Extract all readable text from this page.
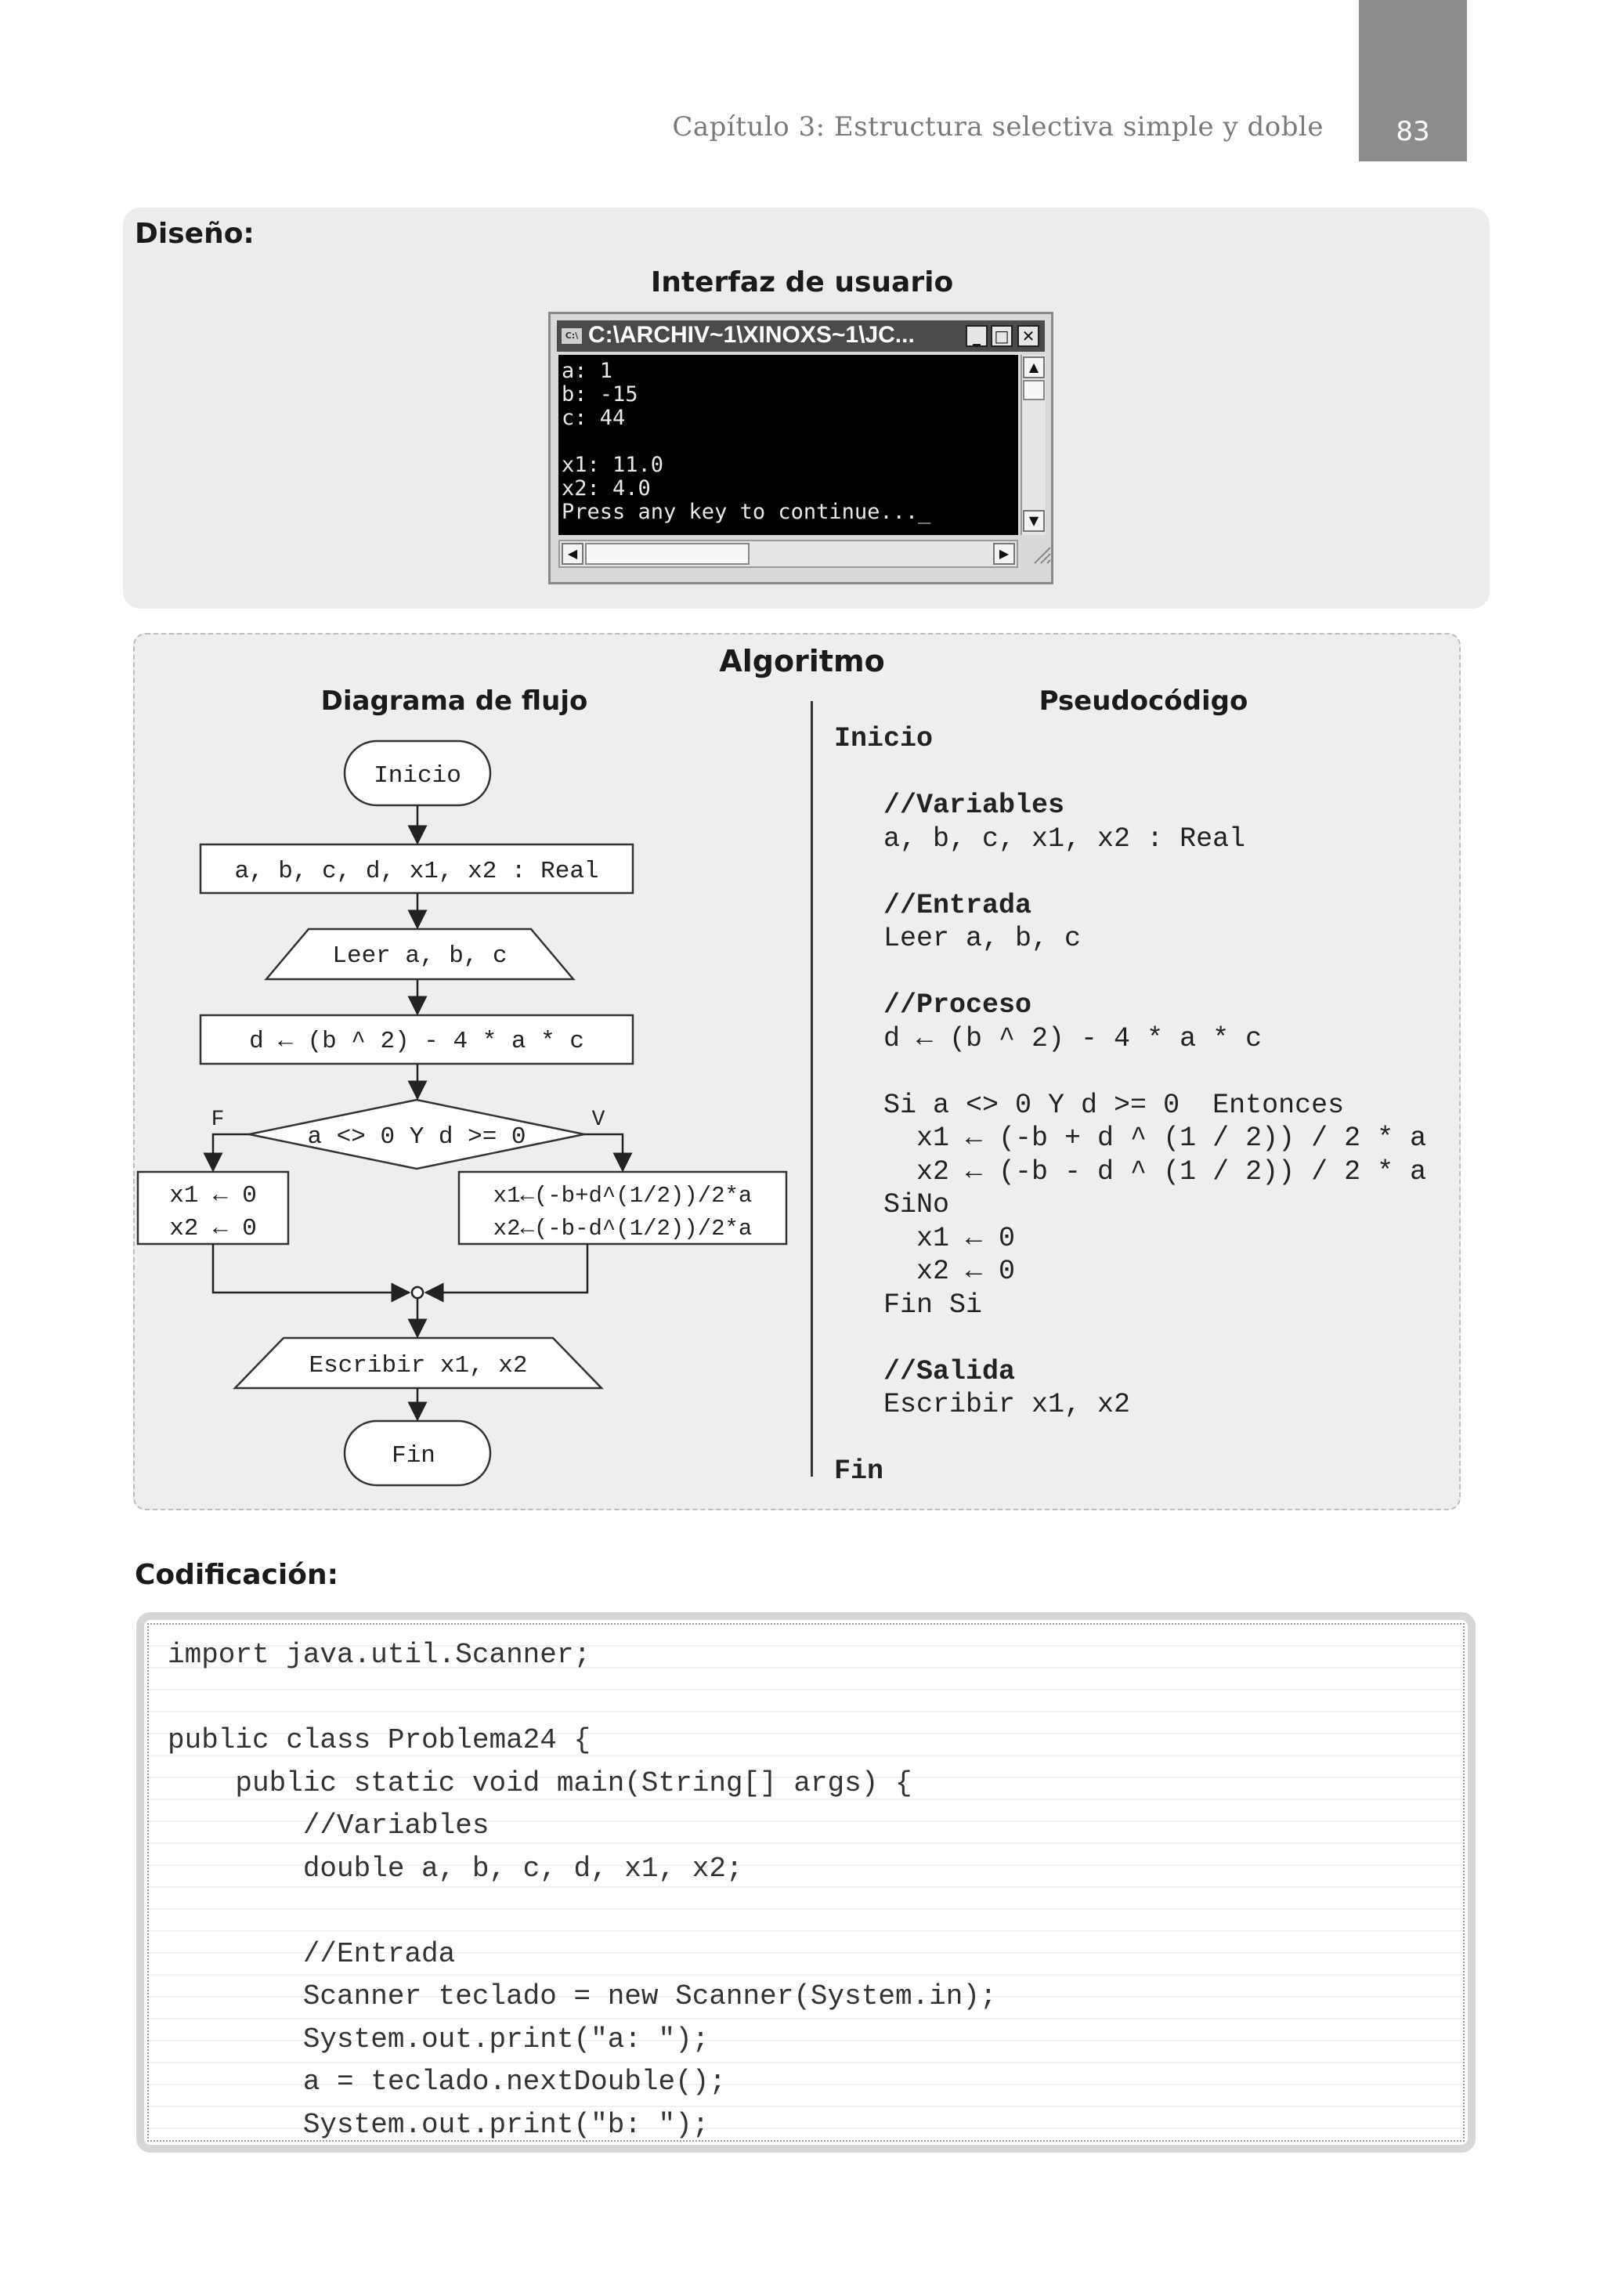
Capítulo 3: Estructura selectiva simple y doble	83
Diseño:
Interfaz de usuario
C:\ C:\ARCHIV~1\XINOXS~1\JC...	_ □ ✕
a: 1
b: -15
c: 44

x1: 11.0
x2: 4.0
Press any key to continue..._
▲
▼
◀	▶
Algoritmo
Diagrama de flujo	Pseudocódigo
Inicio
a, b, c, d, x1, x2 : Real
Leer a, b, c
d ← (b ^ 2) - 4 * a * c
a <> 0 Y d >= 0
F	V
x1 ← 0
x2 ← 0
x1←(-b+d^(1/2))/2*a
x2←(-b-d^(1/2))/2*a
Escribir x1, x2
Fin
Inicio

//Variables
a, b, c, x1, x2 : Real

//Entrada
Leer a, b, c

//Proceso
d ← (b ^ 2) - 4 * a * c

Si a <> 0 Y d >= 0  Entonces
x1 ← (-b + d ^ (1 / 2)) / 2 * a
x2 ← (-b - d ^ (1 / 2)) / 2 * a
SiNo
x1 ← 0
x2 ← 0
Fin Si

//Salida
Escribir x1, x2

Fin
Codificación:
import java.util.Scanner;

public class Problema24 {
public static void main(String[] args) {
//Variables
double a, b, c, d, x1, x2;

//Entrada
Scanner teclado = new Scanner(System.in);
System.out.print("a: ");
a = teclado.nextDouble();
System.out.print("b: ");
